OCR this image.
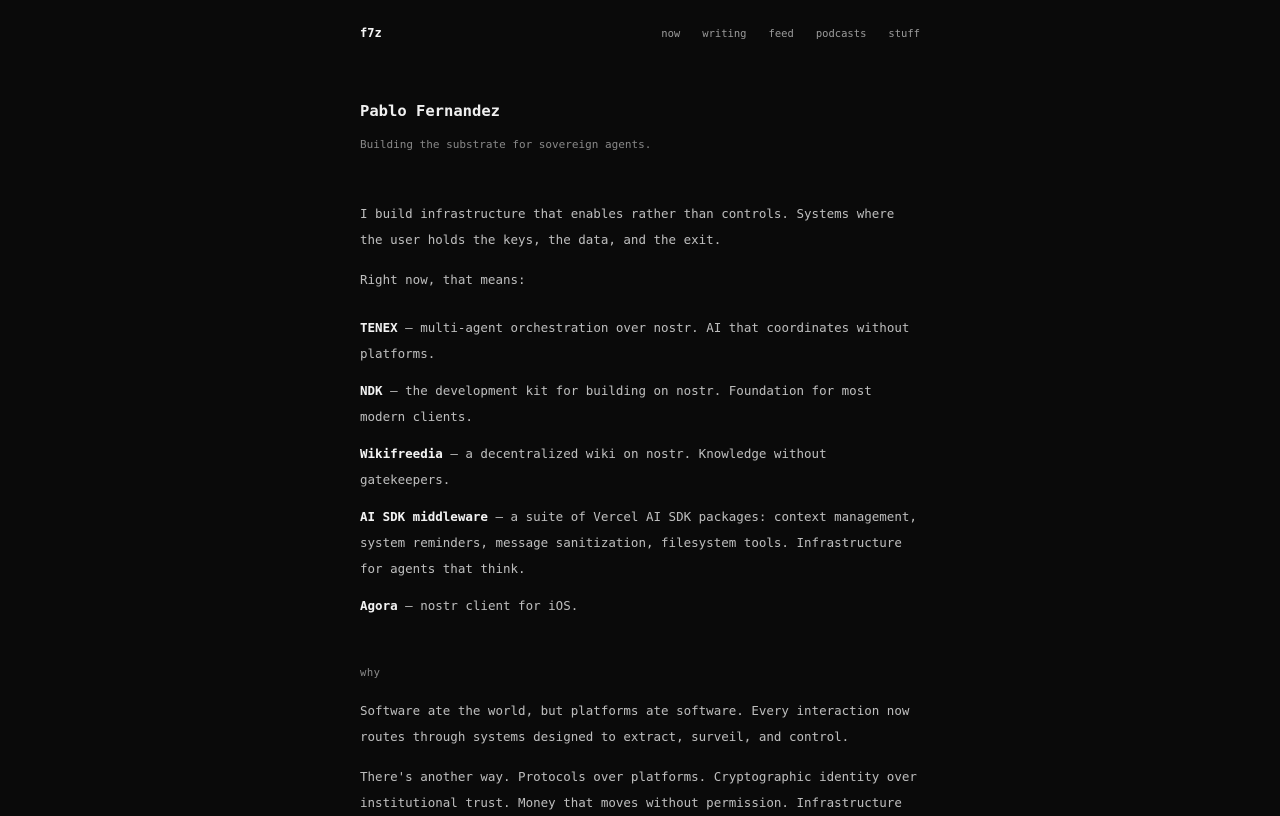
f7z	now writing feed podcasts stuff
Pablo Fernandez
Building the substrate for sovereign agents.

I build infrastructure that enables rather than controls. Systems where the user holds the keys, the data, and the exit.

Right now, that means:

TENEX — multi-agent orchestration over nostr. AI that coordinates without platforms.

NDK — the development kit for building on nostr. Foundation for most modern clients.

Wikifreedia — a decentralized wiki on nostr. Knowledge without gatekeepers.

AI SDK middleware — a suite of Vercel AI SDK packages: context management, system reminders, message sanitization, filesystem tools. Infrastructure for agents that think.

Agora — nostr client for iOS.

why

Software ate the world, but platforms ate software. Every interaction now routes through systems designed to extract, surveil, and control.

There's another way. Protocols over platforms. Cryptographic identity over institutional trust. Money that moves without permission. Infrastructure
